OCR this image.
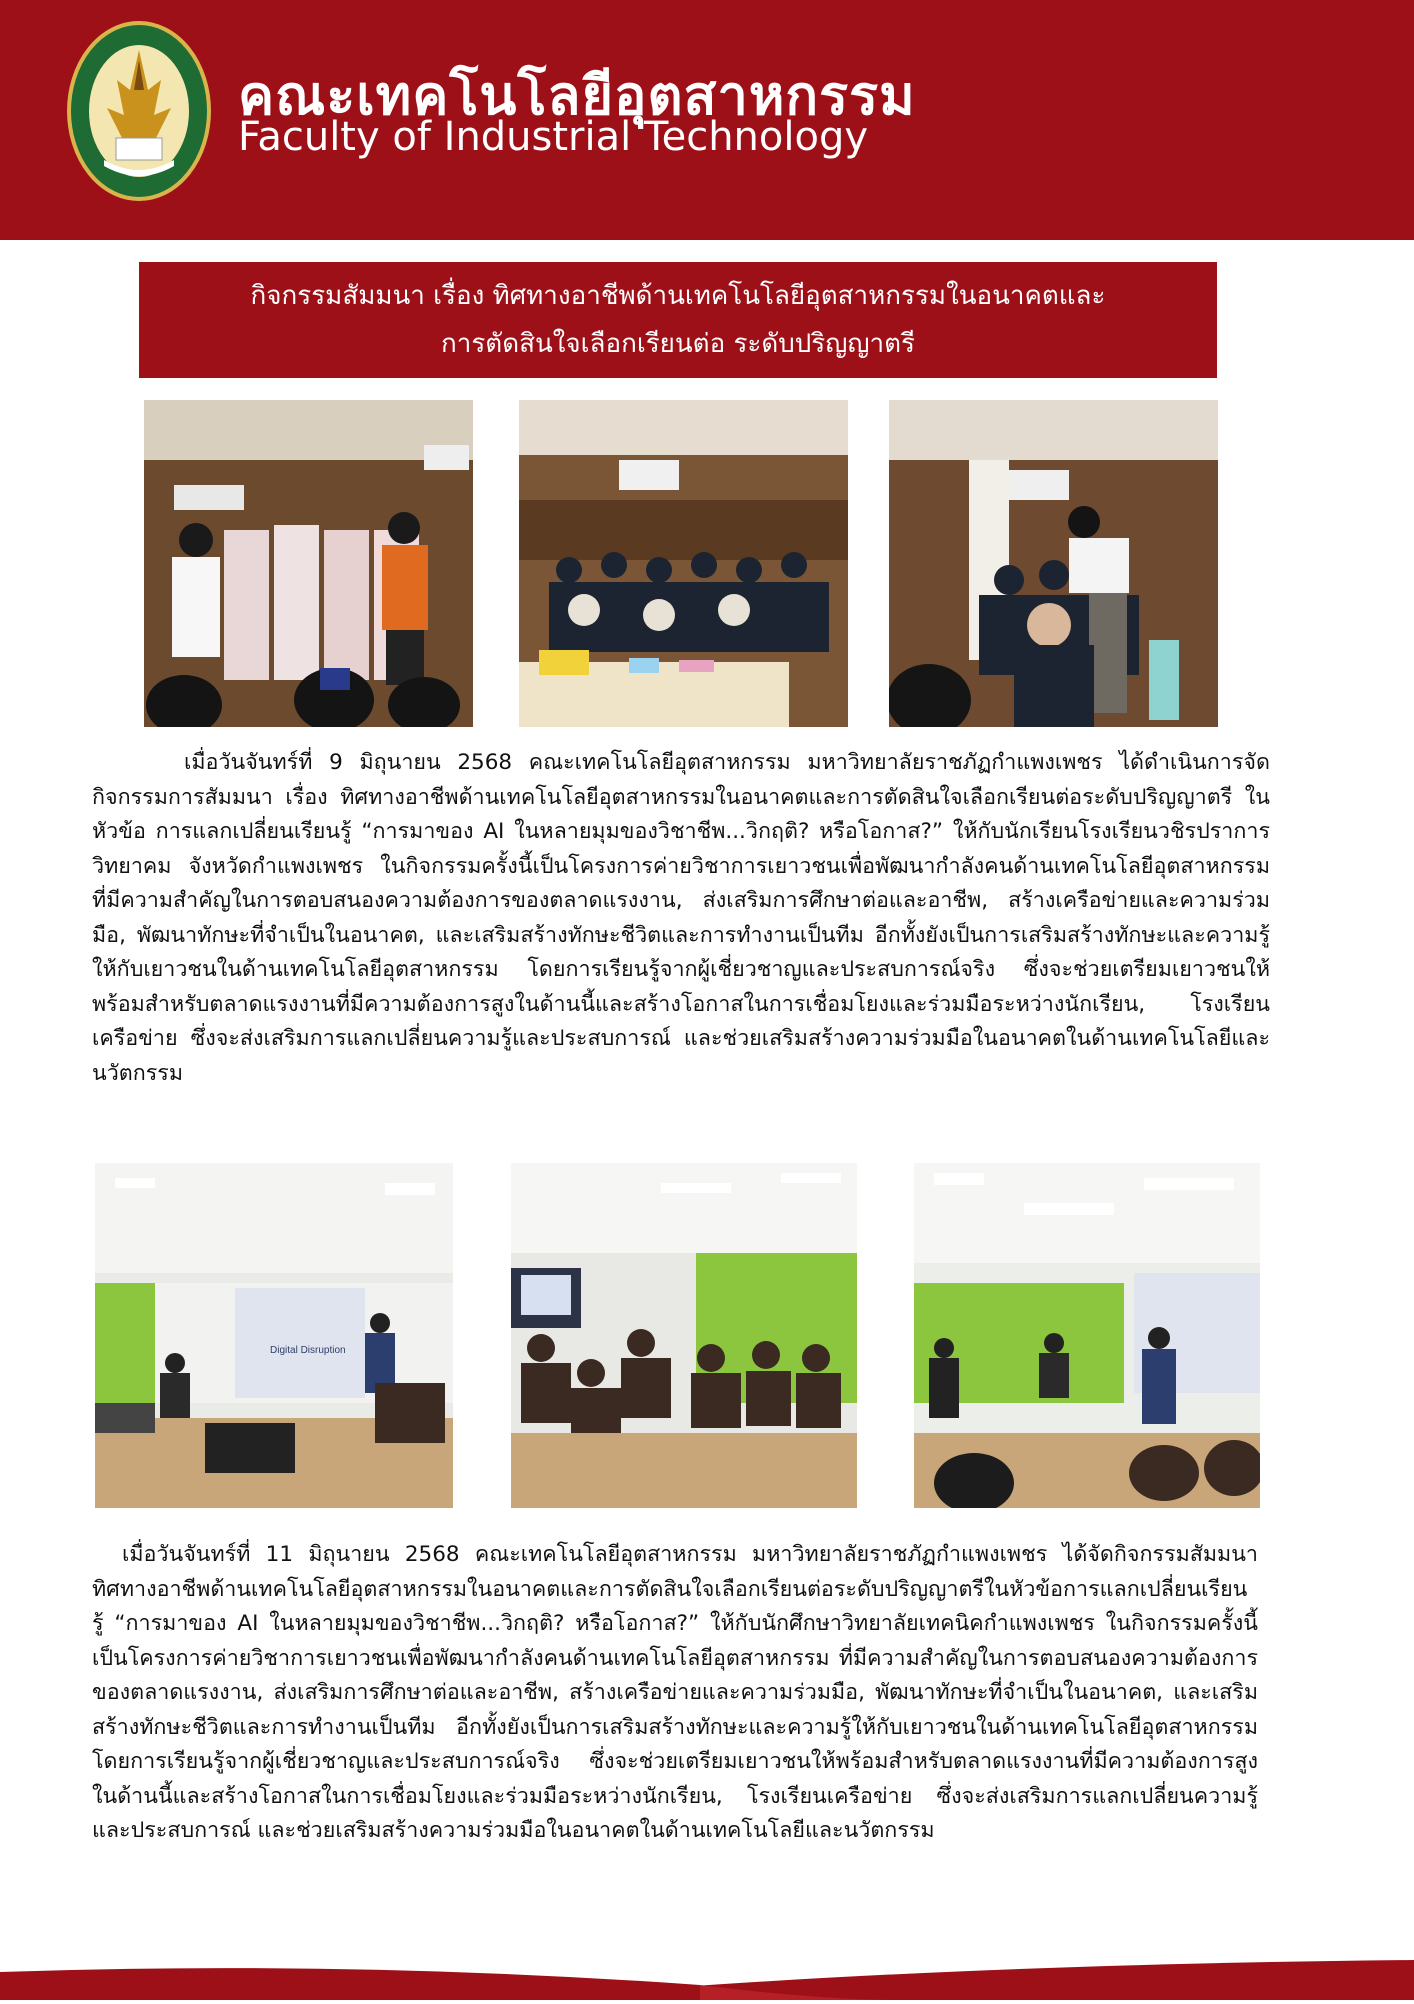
คณะเทคโนโลยีอุตสาหกรรม
Faculty of Industrial Technology
กิจกรรมสัมมนา เรื่อง ทิศทางอาชีพด้านเทคโนโลยีอุตสาหกรรมในอนาคตและ
การตัดสินใจเลือกเรียนต่อ ระดับปริญญาตรี

เมื่อวันจันทร์ที่ 9 มิถุนายน 2568 คณะเทคโนโลยีอุตสาหกรรม มหาวิทยาลัยราชภัฏกำแพงเพชร ได้ดำเนินการจัดกิจกรรมการสัมมนา เรื่อง ทิศทางอาชีพด้านเทคโนโลยีอุตสาหกรรมในอนาคตและการตัดสินใจเลือกเรียนต่อระดับปริญญาตรี ในหัวข้อ การแลกเปลี่ยนเรียนรู้ “การมาของ AI ในหลายมุมของวิชาชีพ...วิกฤติ? หรือโอกาส?” ให้กับนักเรียนโรงเรียนวชิรปราการวิทยาคม จังหวัดกำแพงเพชร ในกิจกรรมครั้งนี้เป็นโครงการค่ายวิชาการเยาวชนเพื่อพัฒนากำลังคนด้านเทคโนโลยีอุตสาหกรรม ที่มีความสำคัญในการตอบสนองความต้องการของตลาดแรงงาน, ส่งเสริมการศึกษาต่อและอาชีพ, สร้างเครือข่ายและความร่วมมือ, พัฒนาทักษะที่จำเป็นในอนาคต, และเสริมสร้างทักษะชีวิตและการทำงานเป็นทีม อีกทั้งยังเป็นการเสริมสร้างทักษะและความรู้ให้กับเยาวชนในด้านเทคโนโลยีอุตสาหกรรม โดยการเรียนรู้จากผู้เชี่ยวชาญและประสบการณ์จริง ซึ่งจะช่วยเตรียมเยาวชนให้พร้อมสำหรับตลาดแรงงานที่มีความต้องการสูงในด้านนี้และสร้างโอกาสในการเชื่อมโยงและร่วมมือระหว่างนักเรียน, โรงเรียนเครือข่าย ซึ่งจะส่งเสริมการแลกเปลี่ยนความรู้และประสบการณ์ และช่วยเสริมสร้างความร่วมมือในอนาคตในด้านเทคโนโลยีและนวัตกรรม

Digital Disruption

เมื่อวันจันทร์ที่ 11 มิถุนายน 2568 คณะเทคโนโลยีอุตสาหกรรม มหาวิทยาลัยราชภัฏกำแพงเพชร ได้จัดกิจกรรมสัมมนา ทิศทางอาชีพด้านเทคโนโลยีอุตสาหกรรมในอนาคตและการตัดสินใจเลือกเรียนต่อระดับปริญญาตรีในหัวข้อการแลกเปลี่ยนเรียนรู้ “การมาของ AI ในหลายมุมของวิชาชีพ...วิกฤติ? หรือโอกาส?” ให้กับนักศึกษาวิทยาลัยเทคนิคกำแพงเพชร ในกิจกรรมครั้งนี้เป็นโครงการค่ายวิชาการเยาวชนเพื่อพัฒนากำลังคนด้านเทคโนโลยีอุตสาหกรรม ที่มีความสำคัญในการตอบสนองความต้องการของตลาดแรงงาน, ส่งเสริมการศึกษาต่อและอาชีพ, สร้างเครือข่ายและความร่วมมือ, พัฒนาทักษะที่จำเป็นในอนาคต, และเสริมสร้างทักษะชีวิตและการทำงานเป็นทีม อีกทั้งยังเป็นการเสริมสร้างทักษะและความรู้ให้กับเยาวชนในด้านเทคโนโลยีอุตสาหกรรม โดยการเรียนรู้จากผู้เชี่ยวชาญและประสบการณ์จริง ซึ่งจะช่วยเตรียมเยาวชนให้พร้อมสำหรับตลาดแรงงานที่มีความต้องการสูงในด้านนี้และสร้างโอกาสในการเชื่อมโยงและร่วมมือระหว่างนักเรียน, โรงเรียนเครือข่าย ซึ่งจะส่งเสริมการแลกเปลี่ยนความรู้และประสบการณ์ และช่วยเสริมสร้างความร่วมมือในอนาคตในด้านเทคโนโลยีและนวัตกรรม
